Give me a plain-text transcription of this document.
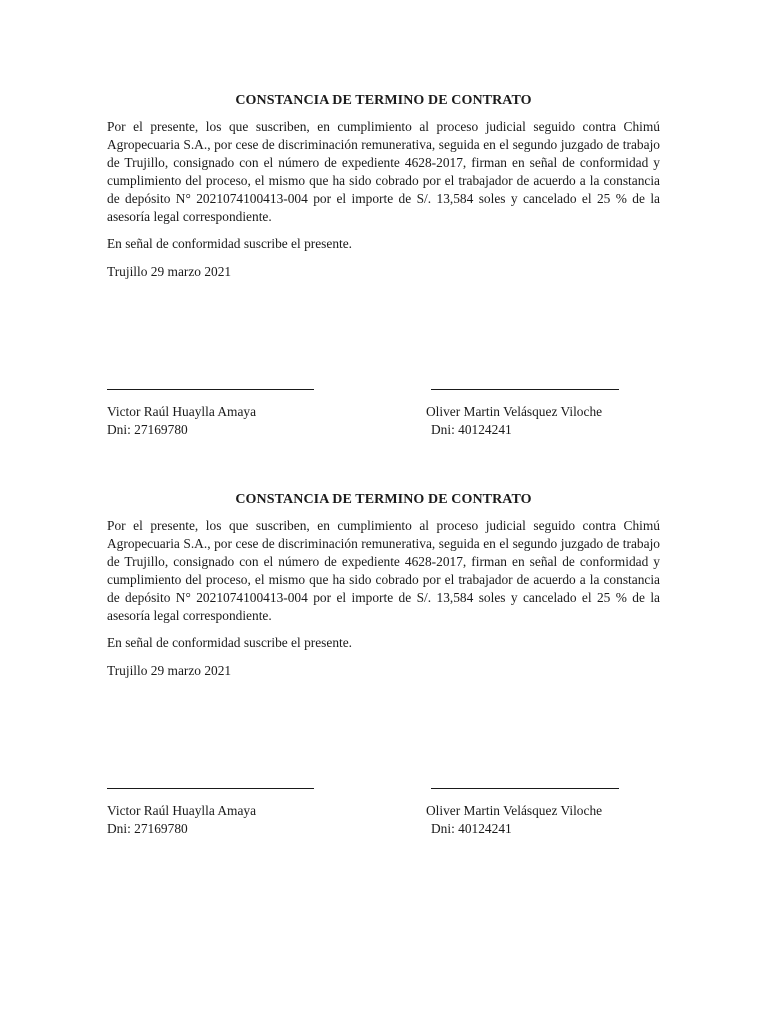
CONSTANCIA DE TERMINO DE CONTRATO

Por el presente, los que suscriben, en cumplimiento al proceso judicial seguido contra Chimú Agropecuaria S.A., por cese de discriminación remunerativa, seguida en el segundo juzgado de trabajo de Trujillo, consignado con el número de expediente 4628-2017, firman en señal de conformidad y cumplimiento del proceso, el mismo que ha sido cobrado por el trabajador de acuerdo a la constancia de depósito N° 2021074100413-004 por el importe de S/. 13,584 soles y cancelado el 25 % de la asesoría legal correspondiente.

En señal de conformidad suscribe el presente.

Trujillo 29 marzo 2021

Victor Raúl Huaylla Amaya
Dni: 27169780
Oliver Martin Velásquez Viloche
Dni: 40124241
CONSTANCIA DE TERMINO DE CONTRATO

Por el presente, los que suscriben, en cumplimiento al proceso judicial seguido contra Chimú Agropecuaria S.A., por cese de discriminación remunerativa, seguida en el segundo juzgado de trabajo de Trujillo, consignado con el número de expediente 4628-2017, firman en señal de conformidad y cumplimiento del proceso, el mismo que ha sido cobrado por el trabajador de acuerdo a la constancia de depósito N° 2021074100413-004 por el importe de S/. 13,584 soles y cancelado el 25 % de la asesoría legal correspondiente.

En señal de conformidad suscribe el presente.

Trujillo 29 marzo 2021

Victor Raúl Huaylla Amaya
Dni: 27169780
Oliver Martin Velásquez Viloche
Dni: 40124241
